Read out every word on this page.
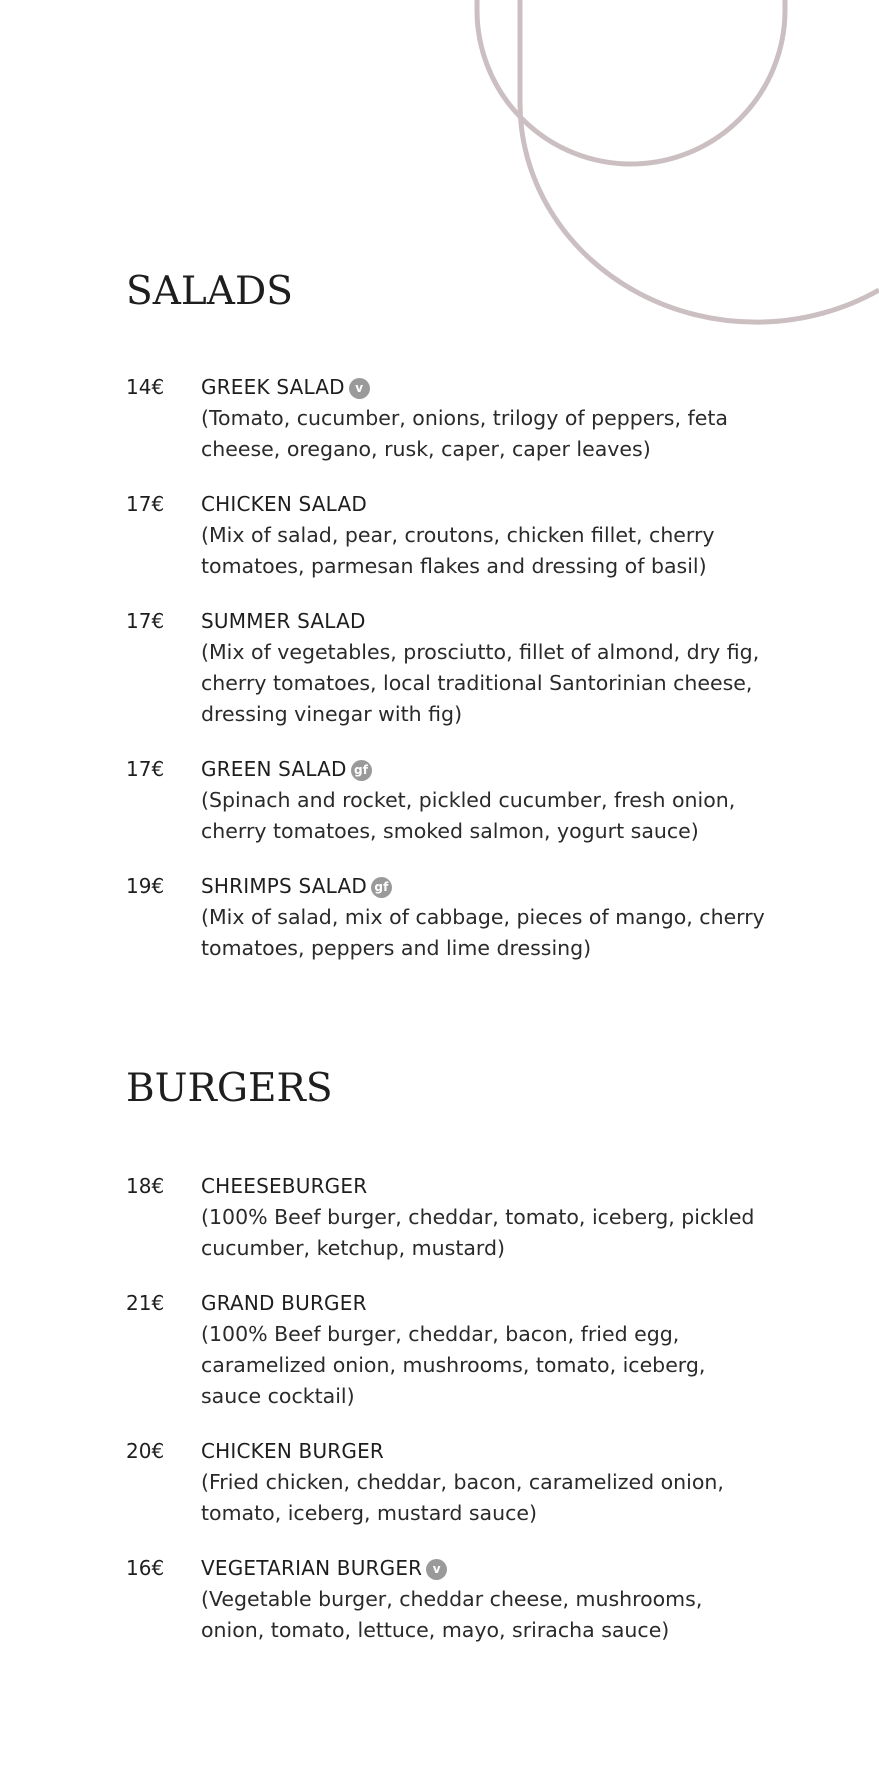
SALADS
14€ GREEK SALAD v
(Tomato, cucumber, onions, trilogy of peppers, feta cheese, oregano, rusk, caper, caper leaves)
17€ CHICKEN SALAD
(Mix of salad, pear, croutons, chicken fillet, cherry tomatoes, parmesan flakes and dressing of basil)
17€ SUMMER SALAD
(Mix of vegetables, prosciutto, fillet of almond, dry fig, cherry tomatoes, local traditional Santorinian cheese, dressing vinegar with fig)
17€ GREEN SALAD gf
(Spinach and rocket, pickled cucumber, fresh onion, cherry tomatoes, smoked salmon, yogurt sauce)
19€ SHRIMPS SALAD gf
(Mix of salad, mix of cabbage, pieces of mango, cherry tomatoes, peppers and lime dressing)
BURGERS
18€ CHEESEBURGER
(100% Beef burger, cheddar, tomato, iceberg, pickled cucumber, ketchup, mustard)
21€ GRAND BURGER
(100% Beef burger, cheddar, bacon, fried egg, caramelized onion, mushrooms, tomato, iceberg, sauce cocktail)
20€ CHICKEN BURGER
(Fried chicken, cheddar, bacon, caramelized onion, tomato, iceberg, mustard sauce)
16€ VEGETARIAN BURGER v
(Vegetable burger, cheddar cheese, mushrooms, onion, tomato, lettuce, mayo, sriracha sauce)
